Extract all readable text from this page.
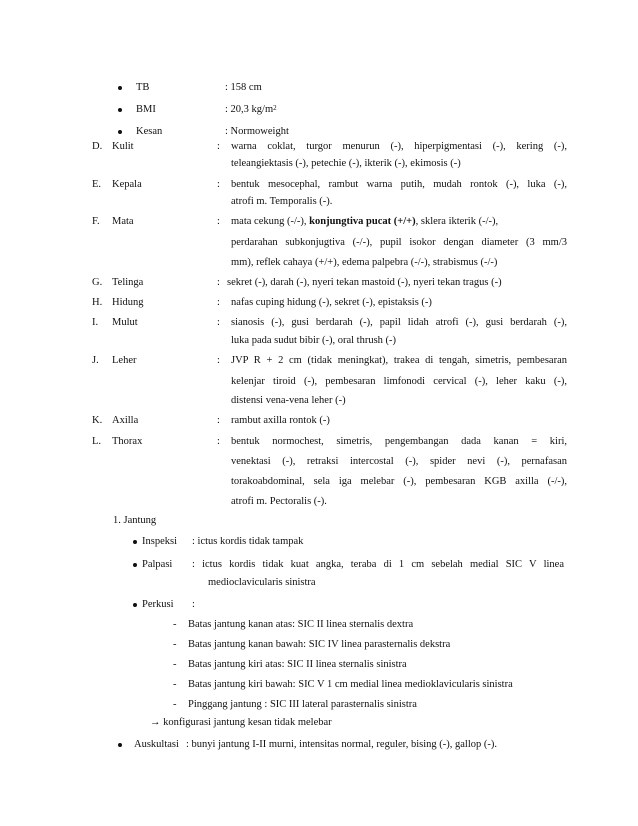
TB	: 158 cm
BMI	: 20,3 $kg/m^2$
Kesan	: Normoweight
D. Kulit	: warna coklat, turgor menurun (-), hiperpigmentasi (-), kering (-),
teleangiektasis (-), petechie (-), ikterik (-), ekimosis (-)
E. Kepala	: bentuk mesocephal, rambut warna putih, mudah rontok (-), luka (-),
atrofi m. Temporalis (-).
F. Mata	: mata cekung (-/-), konjungtiva pucat (+/+), sklera ikterik (-/-),
perdarahan subkonjugtiva (-/-), pupil isokor dengan diameter (3 mm/3
mm), reflek cahaya (+/+), edema palpebra (-/-), strabismus (-/-)
G. Telinga	: sekret (-), darah (-), nyeri tekan mastoid (-), nyeri tekan tragus (-)
H. Hidung	: nafas cuping hidung (-), sekret (-), epistaksis (-)
I. Mulut	: sianosis (-), gusi berdarah (-), papil lidah atrofi (-), gusi berdarah (-),
luka pada sudut bibir (-), oral thrush (-)
J. Leher	: JVP R + 2 cm (tidak meningkat), trakea di tengah, simetris, pembesaran
kelenjar tiroid (-), pembesaran limfonodi cervical (-), leher kaku (-),
distensi vena-vena leher (-)
K. Axilla	: rambut axilla rontok (-)
L. Thorax	: bentuk normochest, simetris, pengembangan dada kanan = kiri,
venektasi (-), retraksi intercostal (-), spider nevi (-), pernafasan
torakoabdominal, sela iga melebar (-), pembesaran KGB axilla (-/-),
atrofi m. Pectoralis (-).
1. Jantung
Inspeksi : ictus kordis tidak tampak
Palpasi : ictus kordis tidak kuat angka, teraba di 1 cm sebelah medial SIC V linea
medioclavicularis sinistra
Perkusi :
- Batas jantung kanan atas: SIC II linea sternalis dextra
- Batas jantung kanan bawah: SIC IV linea parasternalis dekstra
- Batas jantung kiri atas: SIC II linea sternalis sinistra
- Batas jantung kiri bawah: SIC V 1 cm medial linea medioklavicularis sinistra
- Pinggang jantung : SIC III lateral parasternalis sinistra
→ konfigurasi jantung kesan tidak melebar
Auskultasi : bunyi jantung I-II murni, intensitas normal, reguler, bising (-), gallop (-).
